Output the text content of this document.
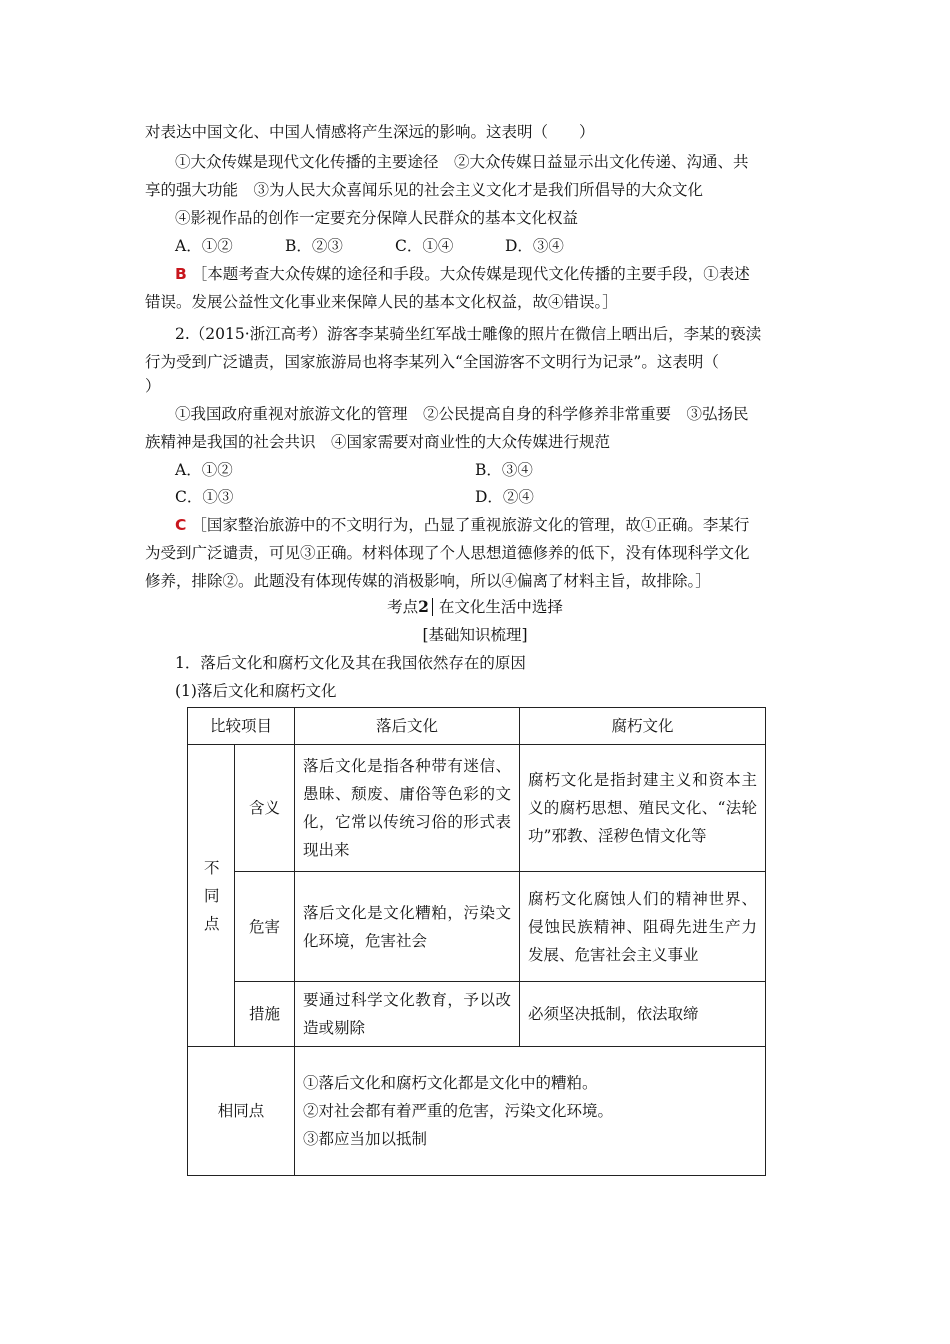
对表达中国文化、中国人情感将产生深远的影响。这表明（　　）
①大众传媒是现代文化传播的主要途径　②大众传媒日益显示出文化传递、沟通、共
享的强大功能　③为人民大众喜闻乐见的社会主义文化才是我们所倡导的大众文化
④影视作品的创作一定要充分保障人民群众的基本文化权益
A．①②	B．②③	C．①④	D．③④
B ［本题考查大众传媒的途径和手段。大众传媒是现代文化传播的主要手段，①表述
错误。发展公益性文化事业来保障人民的基本文化权益，故④错误。］
2.（2015·浙江高考）游客李某骑坐红军战士雕像的照片在微信上晒出后，李某的亵渎
行为受到广泛谴责，国家旅游局也将李某列入“全国游客不文明行为记录”。这表明（
）
①我国政府重视对旅游文化的管理　②公民提高自身的科学修养非常重要　③弘扬民
族精神是我国的社会共识　④国家需要对商业性的大众传媒进行规范
A．①②	B．③④
C．①③	D．②④
C ［国家整治旅游中的不文明行为，凸显了重视旅游文化的管理，故①正确。李某行
为受到广泛谴责，可见③正确。材料体现了个人思想道德修养的低下，没有体现科学文化
修养，排除②。此题没有体现传媒的消极影响，所以④偏离了材料主旨，故排除。］
考点2 在文化生活中选择
[基础知识梳理]
1．落后文化和腐朽文化及其在我国依然存在的原因
(1)落后文化和腐朽文化
比较项目		落后文化	腐朽文化
不同点	含义	落后文化是指各种带有迷信、愚昧、颓废、庸俗等色彩的文化，它常以传统习俗的形式表现出来	腐朽文化是指封建主义和资本主义的腐朽思想、殖民文化、“法轮功”邪教、淫秽色情文化等
	危害	落后文化是文化糟粕，污染文化环境，危害社会	腐朽文化腐蚀人们的精神世界、侵蚀民族精神、阻碍先进生产力发展、危害社会主义事业
	措施	要通过科学文化教育，予以改造或剔除	必须坚决抵制，依法取缔
相同点		①落后文化和腐朽文化都是文化中的糟粕。
②对社会都有着严重的危害，污染文化环境。
③都应当加以抵制	
